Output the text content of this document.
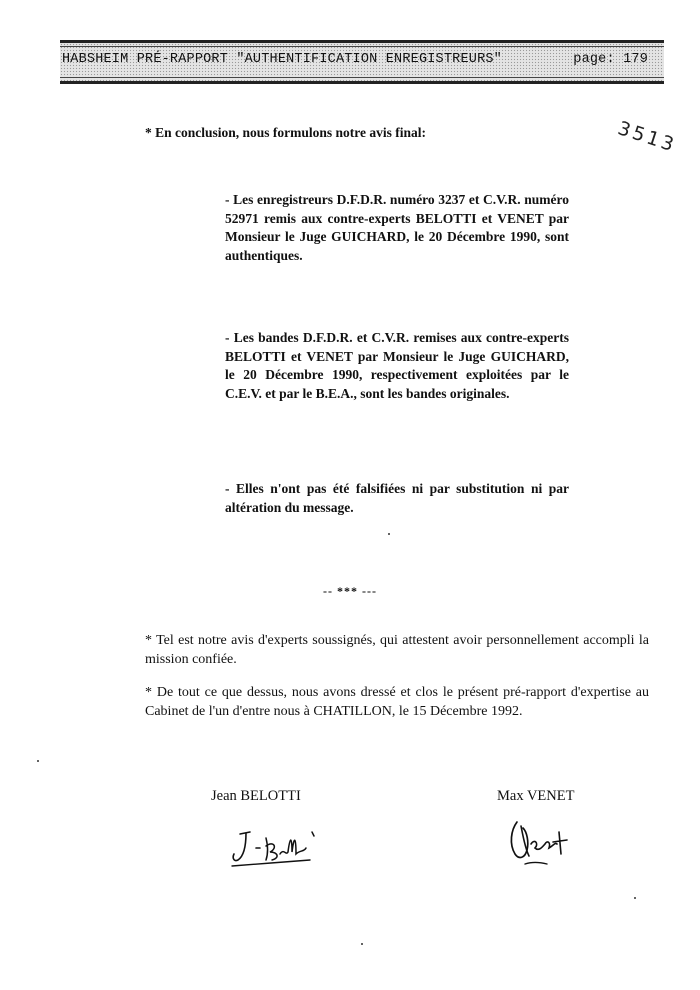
HABSHEIM PRÉ-RAPPORT "AUTHENTIFICATION ENREGISTREURS"	page: 179
3513
* En conclusion, nous formulons notre avis final:
- Les enregistreurs D.F.D.R. numéro 3237 et C.V.R. numéro 52971 remis aux contre-experts BELOTTI et VENET par Monsieur le Juge GUICHARD, le 20 Décembre 1990, sont authentiques.
- Les bandes D.F.D.R. et C.V.R. remises aux contre-experts BELOTTI et VENET par Monsieur le Juge GUICHARD, le 20 Décembre 1990, respectivement exploitées par le C.E.V. et par le B.E.A., sont les bandes originales.
- Elles n'ont pas été falsifiées ni par substitution ni par altération du message.
-- *** ---
* Tel est notre avis d'experts soussignés, qui attestent avoir personnellement accompli la mission confiée.
* De tout ce que dessus, nous avons dressé et clos le présent pré-rapport d'expertise au Cabinet de l'un d'entre nous à CHATILLON, le 15 Décembre 1992.
Jean BELOTTI	Max VENET
